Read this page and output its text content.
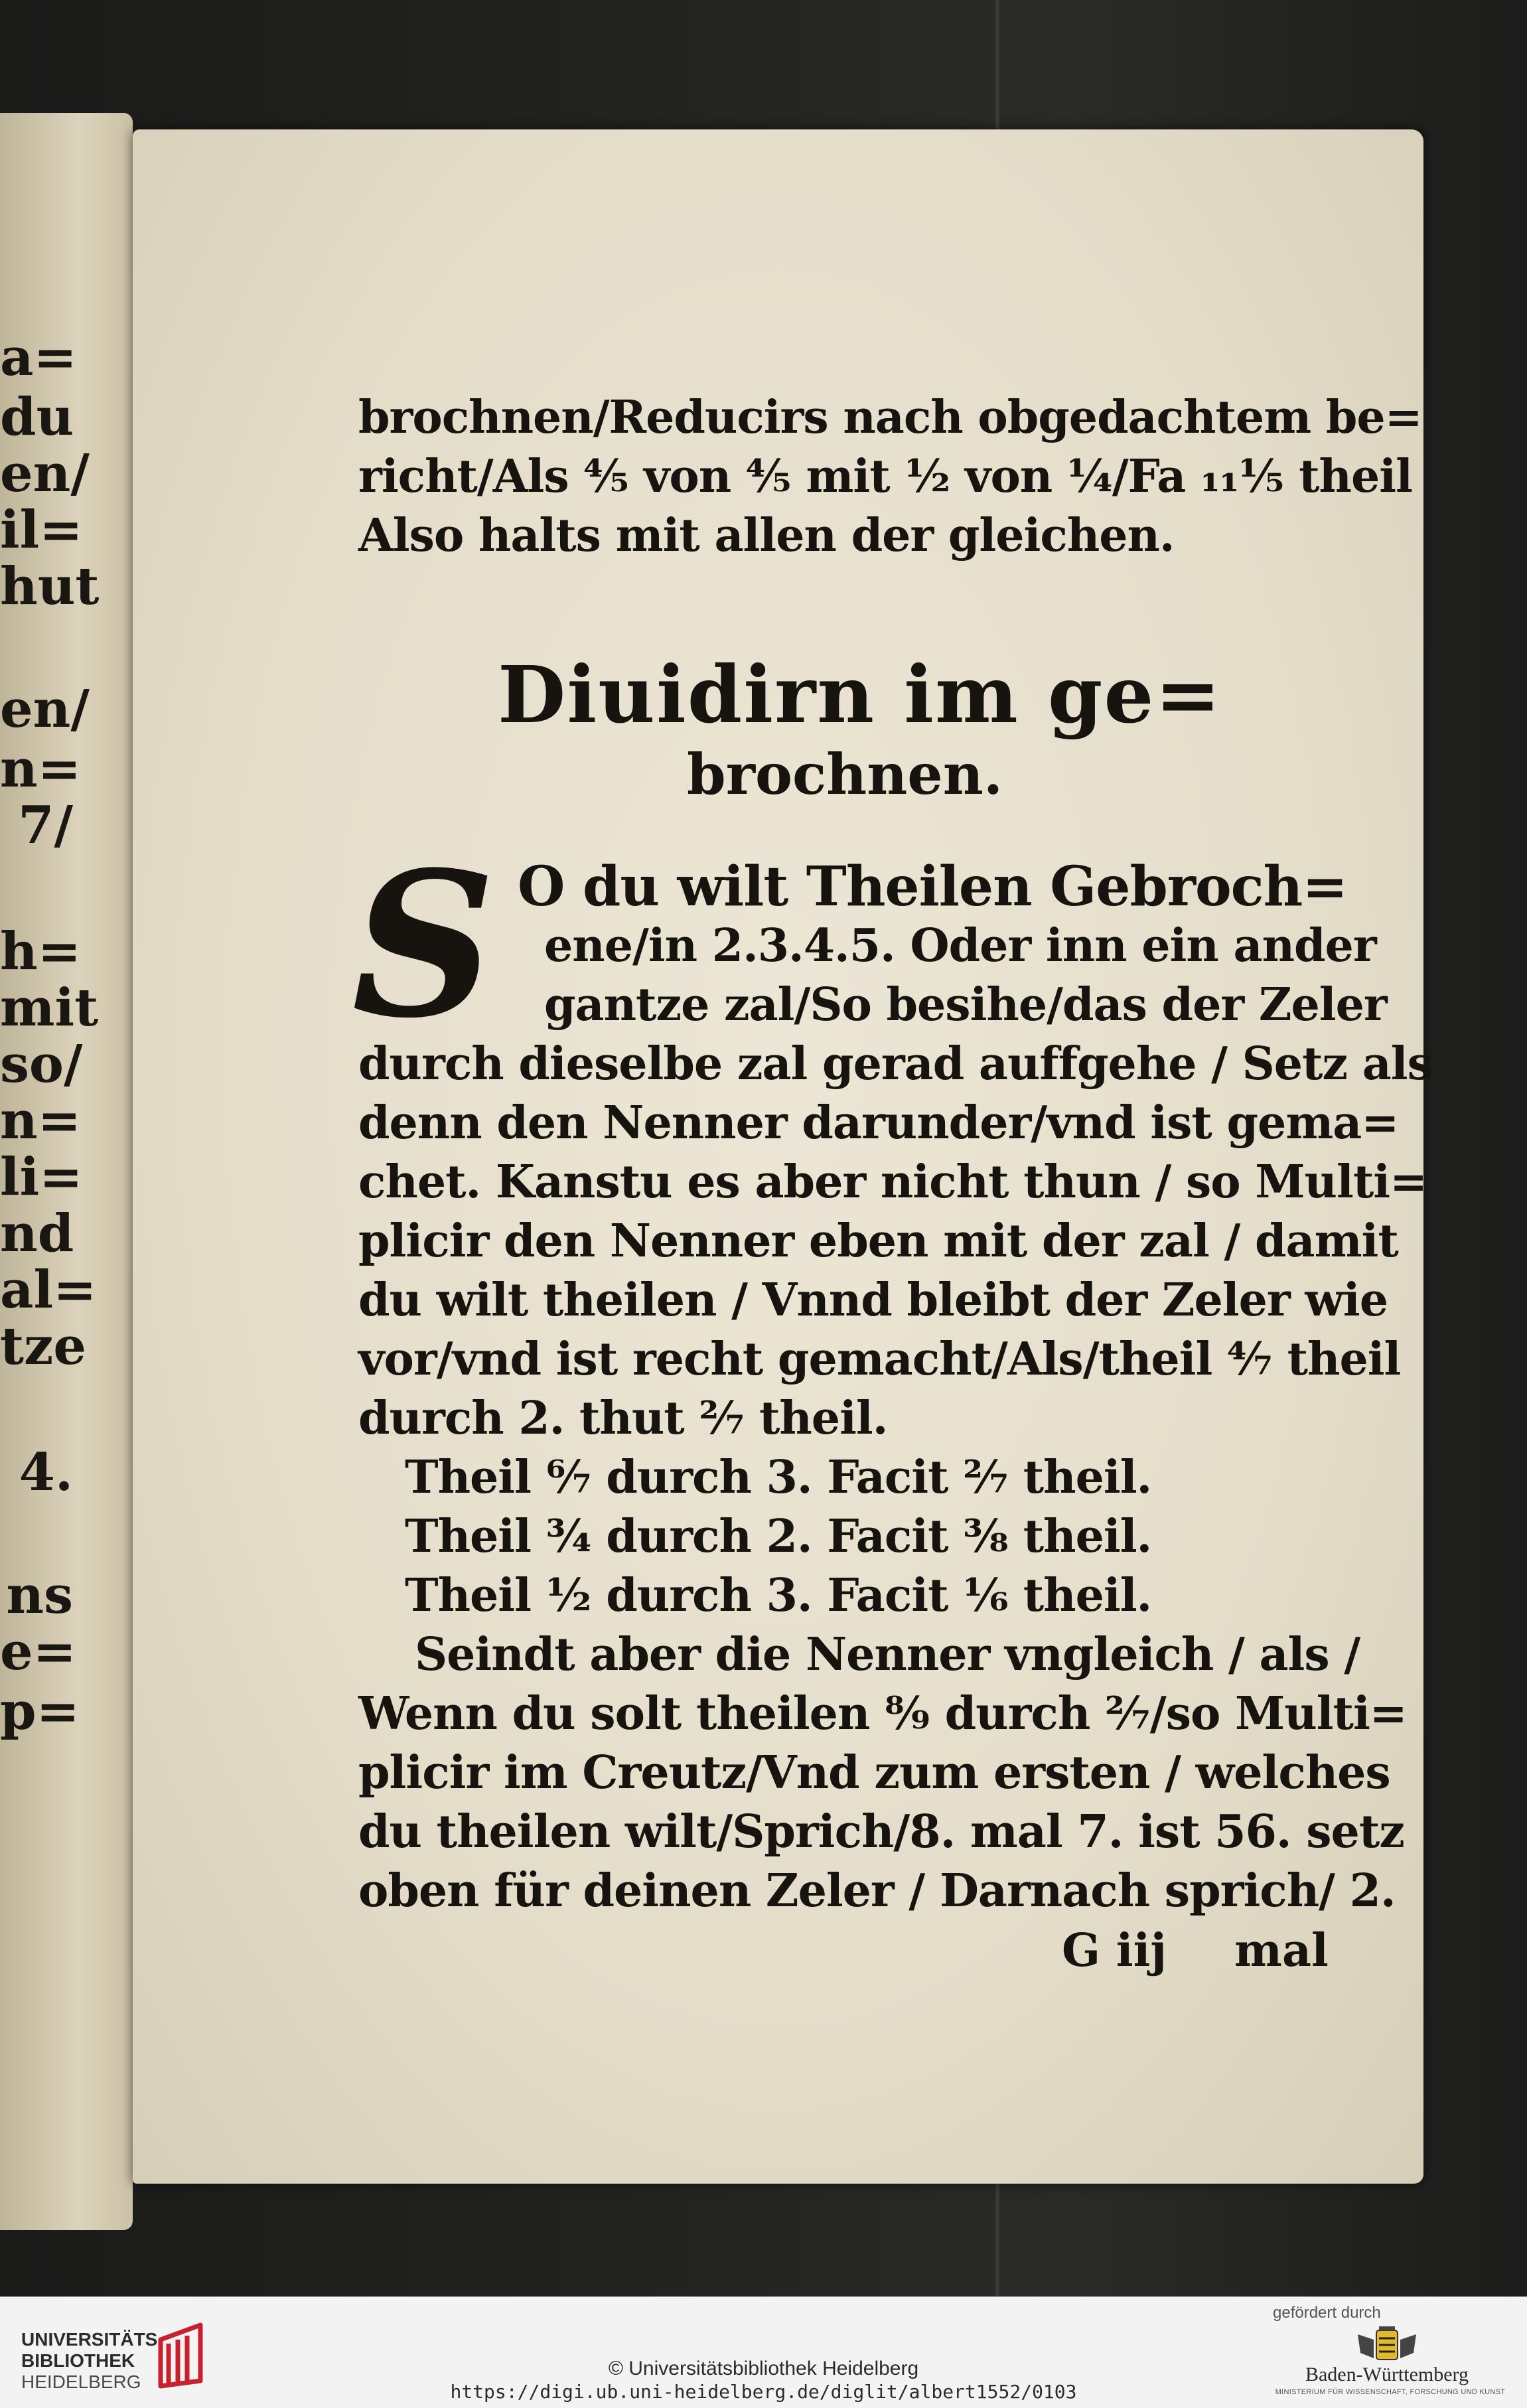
a=
du
en/
il=
hut
en/
n=
7/
h=
mit
so/
n=
li=
nd
al=
tze
4.
ns
e=
p=
brochnen/Reducirs nach obgedachtem be=
richt/Als ⁴⁄₅ von ⁴⁄₅ mit ¹⁄₂ von ¹⁄₄/Fa ₁₁¹⁄₅ theil
Also halts mit allen der gleichen.
Diuidirn im ge=
brochnen.
S O du wilt Theilen Gebroch=
ene/in 2.3.4.5. Oder inn ein ander
gantze zal/So besihe/das der Zeler
durch dieselbe zal gerad auffgehe / Setz als
denn den Nenner darunder/vnd ist gema=
chet. Kanstu es aber nicht thun / so Multi=
plicir den Nenner eben mit der zal / damit
du wilt theilen / Vnnd bleibt der Zeler wie
vor/vnd ist recht gemacht/Als/theil ⁴⁄₇ theil
durch 2. thut ²⁄₇ theil.
Theil ⁶⁄₇ durch 3. Facit ²⁄₇ theil.
Theil ³⁄₄ durch 2. Facit ³⁄₈ theil.
Theil ¹⁄₂ durch 3. Facit ¹⁄₆ theil.
Seindt aber die Nenner vngleich / als /
Wenn du solt theilen ⁸⁄₉ durch ²⁄₇/so Multi=
plicir im Creutz/Vnd zum ersten / welches
du theilen wilt/Sprich/8. mal 7. ist 56. setz
oben für deinen Zeler / Darnach sprich/ 2.
G iij mal
UNIVERSITÄTS-
BIBLIOTHEK
HEIDELBERG
© Universitätsbibliothek Heidelberg
https://digi.ub.uni-heidelberg.de/diglit/albert1552/0103
gefördert durch
Baden-Württemberg
MINISTERIUM FÜR WISSENSCHAFT, FORSCHUNG UND KUNST
